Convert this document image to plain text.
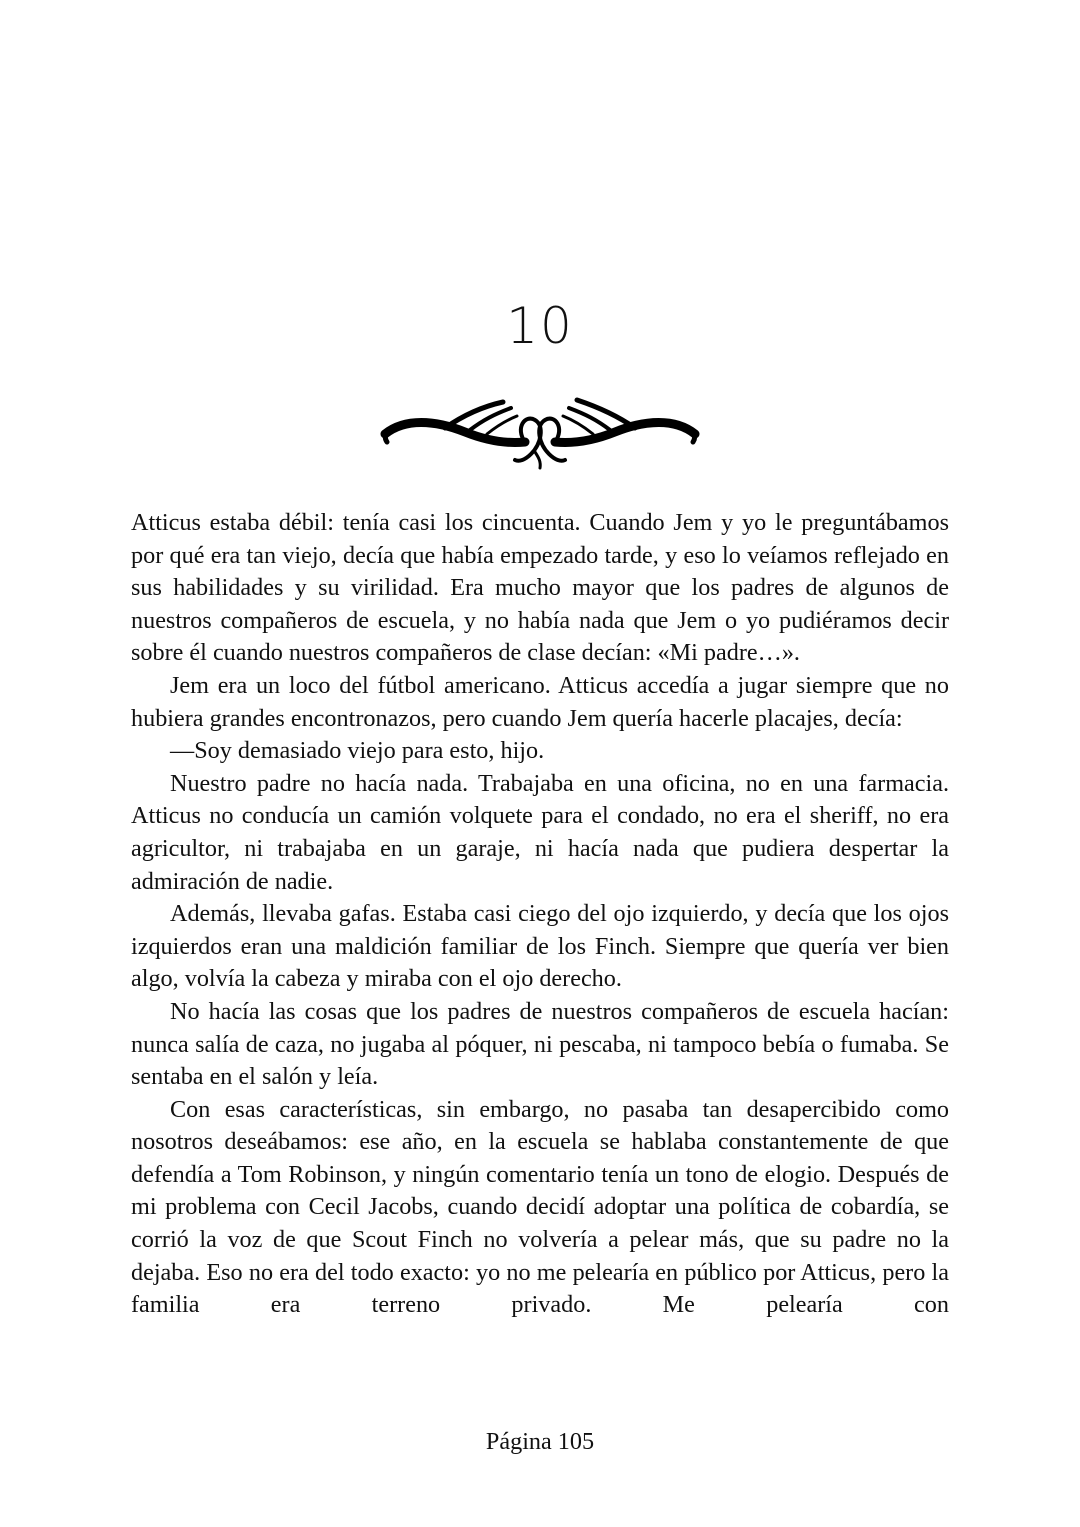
10

Atticus estaba débil: tenía casi los cincuenta. Cuando Jem y yo le preguntábamos por qué era tan viejo, decía que había empezado tarde, y eso lo veíamos reflejado en sus habilidades y su virilidad. Era mucho mayor que los padres de algunos de nuestros compañeros de escuela, y no había nada que Jem o yo pudiéramos decir sobre él cuando nuestros compañeros de clase decían: «Mi padre…».

Jem era un loco del fútbol americano. Atticus accedía a jugar siempre que no hubiera grandes encontronazos, pero cuando Jem quería hacerle placajes, decía:

—Soy demasiado viejo para esto, hijo.

Nuestro padre no hacía nada. Trabajaba en una oficina, no en una farmacia. Atticus no conducía un camión volquete para el condado, no era el sheriff, no era agricultor, ni trabajaba en un garaje, ni hacía nada que pudiera despertar la admiración de nadie.

Además, llevaba gafas. Estaba casi ciego del ojo izquierdo, y decía que los ojos izquierdos eran una maldición familiar de los Finch. Siempre que quería ver bien algo, volvía la cabeza y miraba con el ojo derecho.

No hacía las cosas que los padres de nuestros compañeros de escuela hacían: nunca salía de caza, no jugaba al póquer, ni pescaba, ni tampoco bebía o fumaba. Se sentaba en el salón y leía.

Con esas características, sin embargo, no pasaba tan desapercibido como nosotros deseábamos: ese año, en la escuela se hablaba constantemente de que defendía a Tom Robinson, y ningún comentario tenía un tono de elogio. Después de mi problema con Cecil Jacobs, cuando decidí adoptar una política de cobardía, se corrió la voz de que Scout Finch no volvería a pelear más, que su padre no la dejaba. Eso no era del todo exacto: yo no me pelearía en público por Atticus, pero la familia era terreno privado. Me pelearía con

Página 105
